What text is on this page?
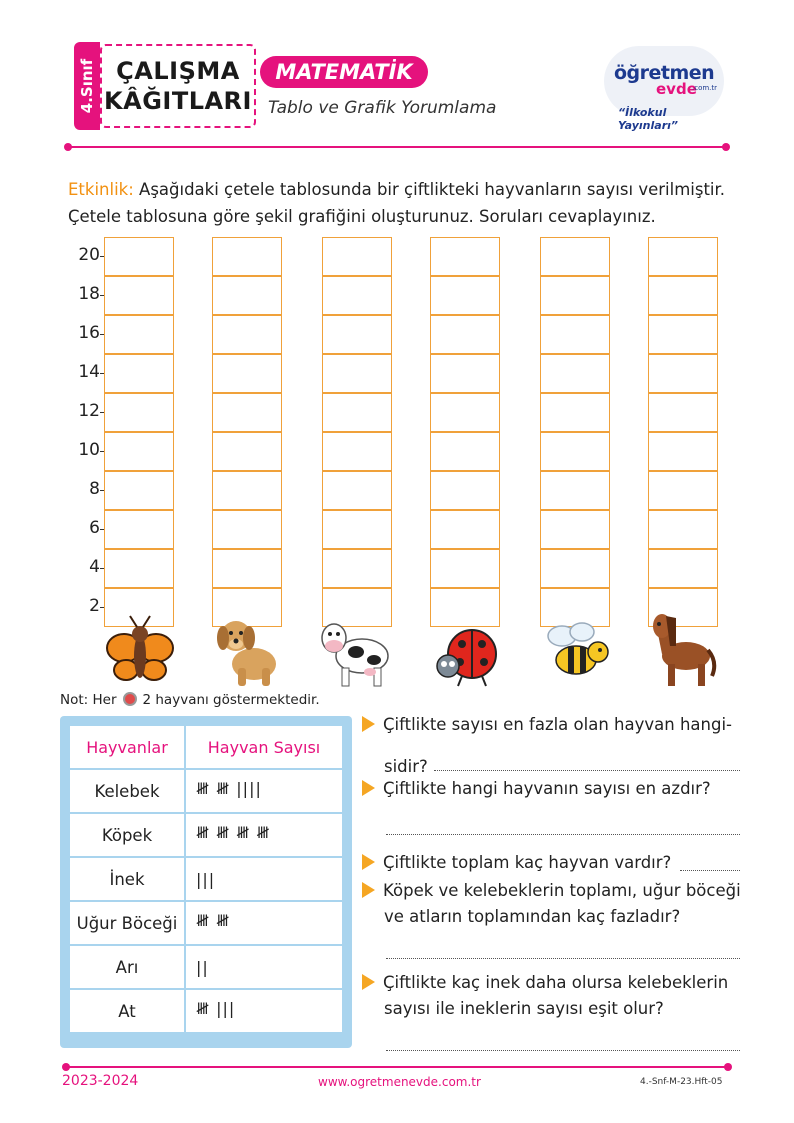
4.Sınıf ÇALIŞMA
KÂĞITLARI
MATEMATİK
Tablo ve Grafik Yorumlama
öğretmen
evde
.com.tr
“İlkokul Yayınları”
Etkinlik: Aşağıdaki çetele tablosunda bir çiftlikteki hayvanların sayısı verilmiştir. Çetele tablosuna göre şekil grafiğini oluşturunuz. Soruları cevaplayınız.
20
18
16
14
12
10
8
6
4
2
Not: Her 2 hayvanı göstermektedir.
Hayvanlar	Hayvan Sayısı
Kelebek	𝍸 𝍸 ||||
Köpek	𝍸 𝍸 𝍸 𝍸
İnek	|||
Uğur Böceği	𝍸 𝍸
Arı	||
At	𝍸 |||
Çiftlikte sayısı en fazla olan hayvan hangi-
sidir?
Çiftlikte hangi hayvanın sayısı en azdır?
Çiftlikte toplam kaç hayvan vardır?
Köpek ve kelebeklerin toplamı, uğur böceği
ve atların toplamından kaç fazladır?
Çiftlikte kaç inek daha olursa kelebeklerin
sayısı ile ineklerin sayısı eşit olur?
2023-2024	www.ogretmenevde.com.tr	4.-Snf-M-23.Hft-05
